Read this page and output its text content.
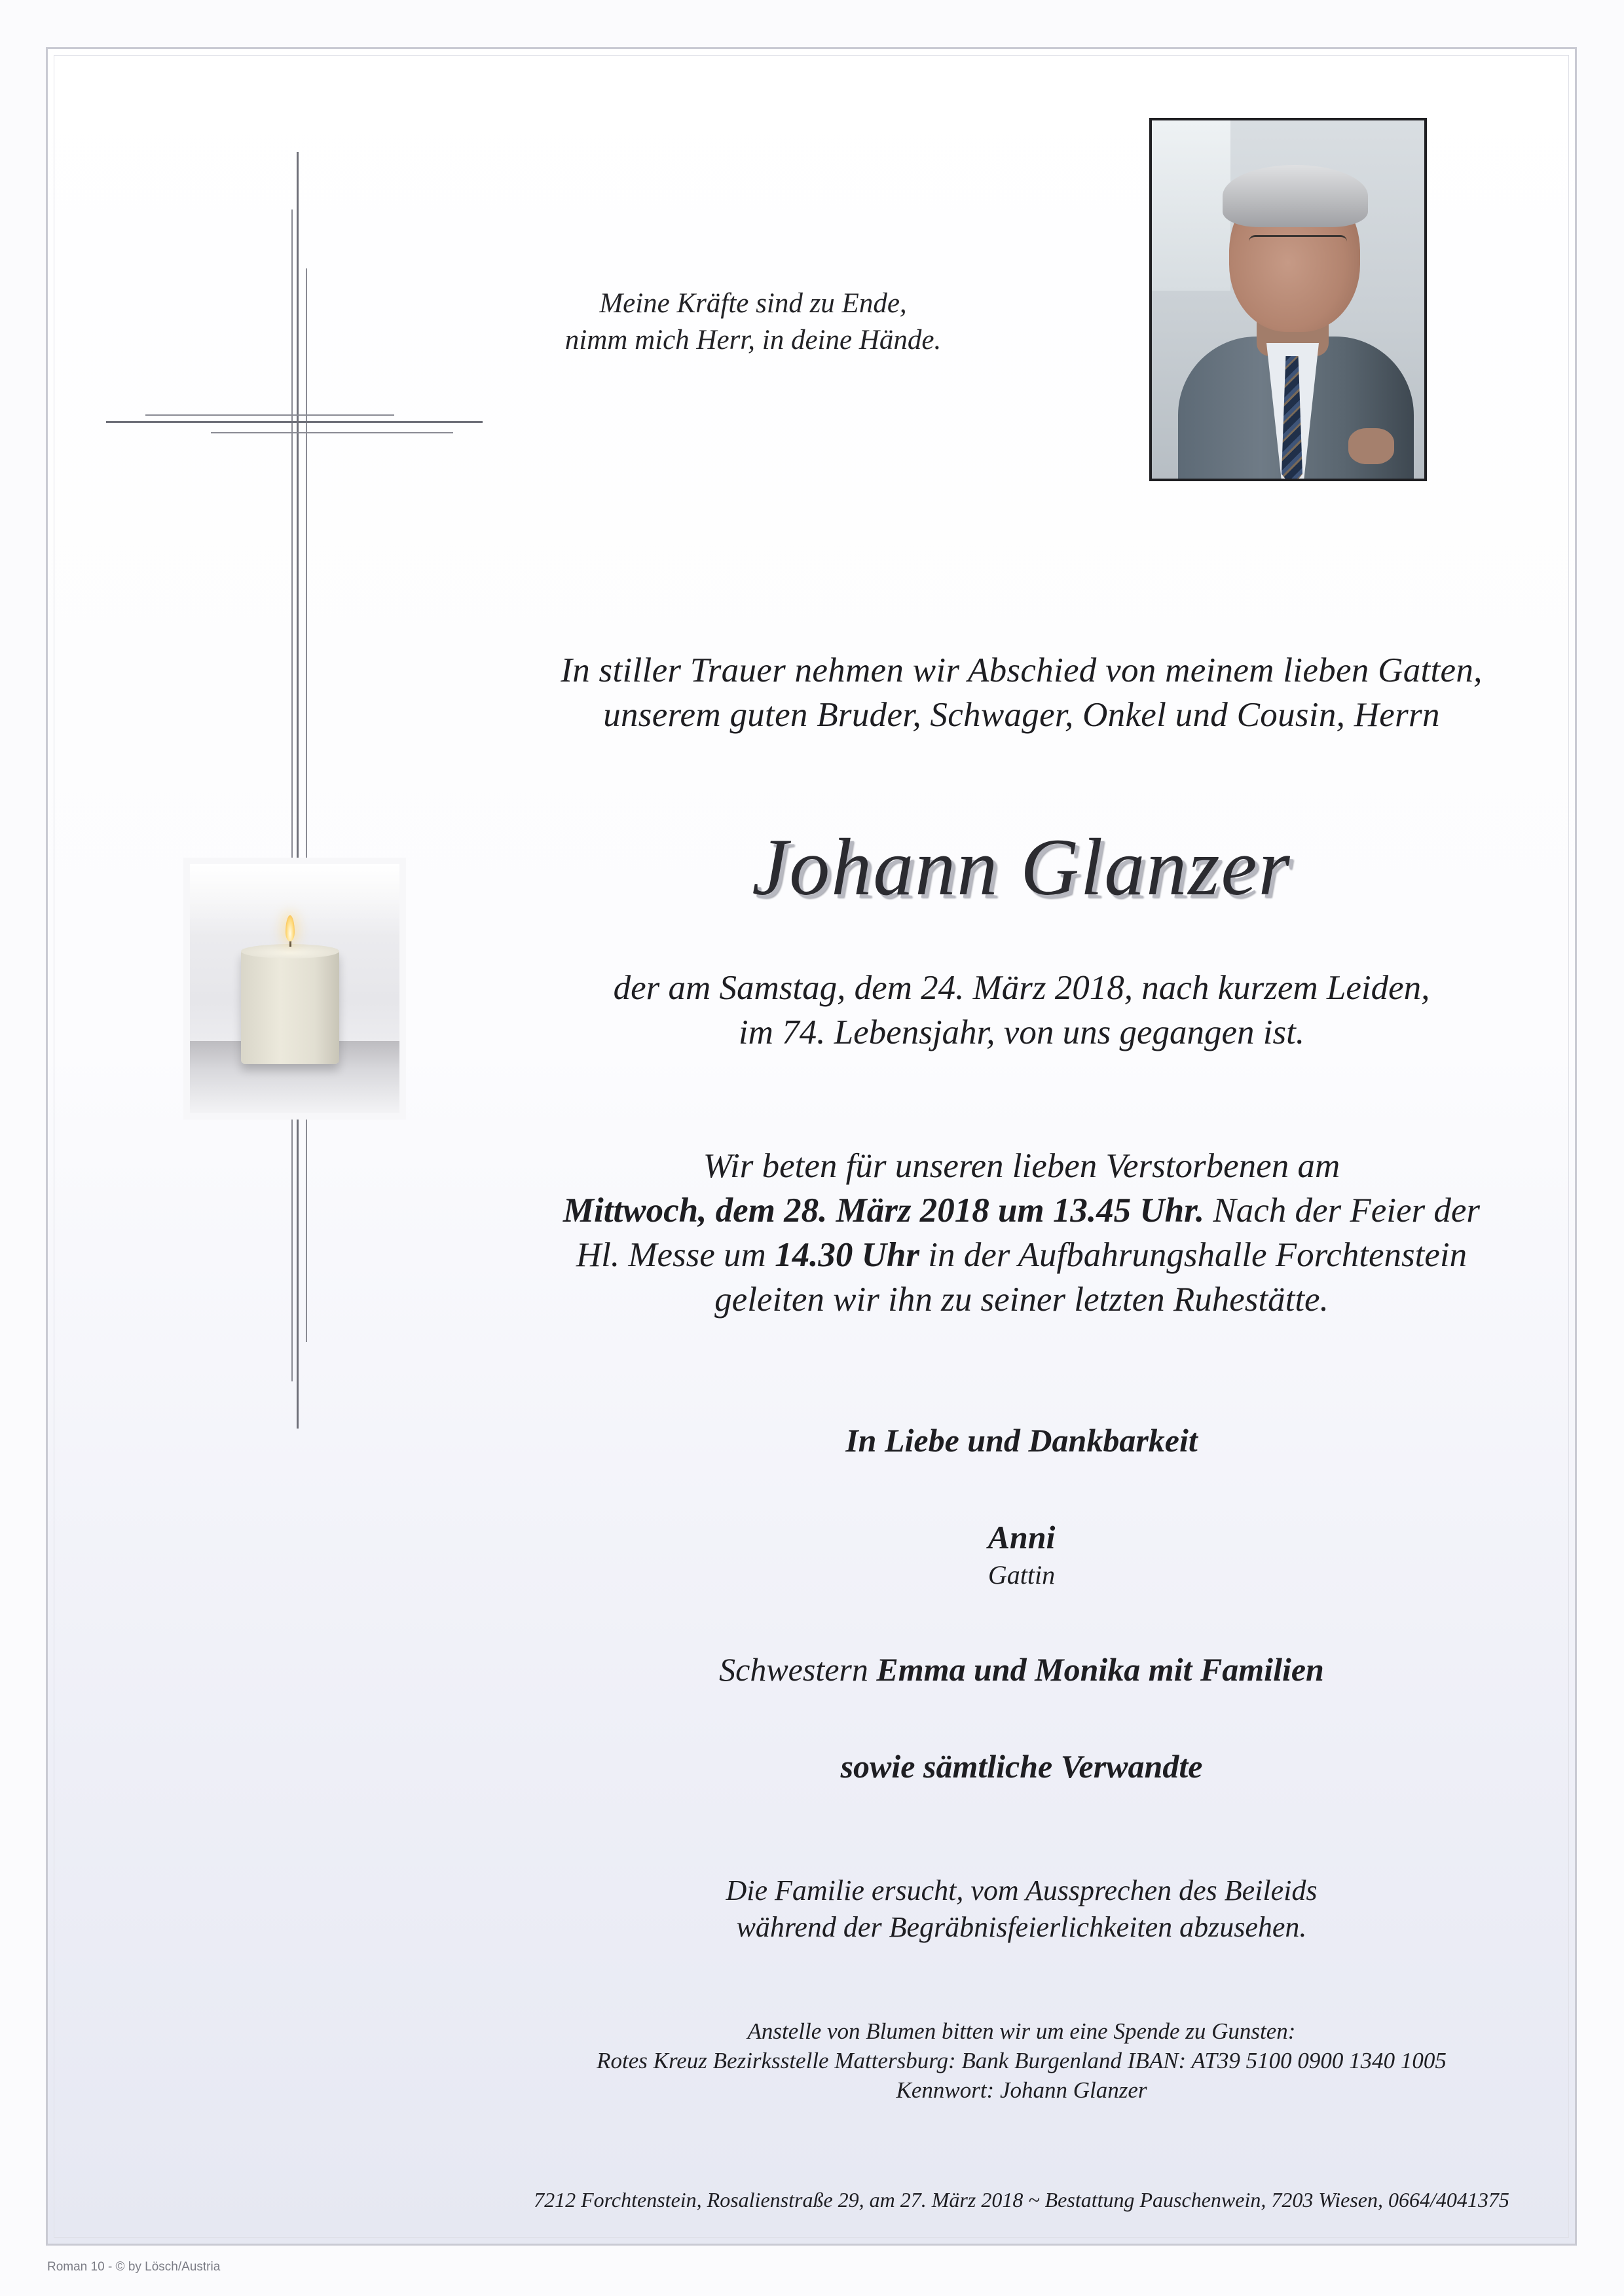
Meine Kräfte sind zu Ende,
nimm mich Herr, in deine Hände.

In stiller Trauer nehmen wir Abschied von meinem lieben Gatten,
unserem guten Bruder, Schwager, Onkel und Cousin, Herrn

Johann Glanzer

der am Samstag, dem 24. März 2018, nach kurzem Leiden,
im 74. Lebensjahr, von uns gegangen ist.

Wir beten für unseren lieben Verstorbenen am
Mittwoch, dem 28. März 2018 um 13.45 Uhr. Nach der Feier der
Hl. Messe um 14.30 Uhr in der Aufbahrungshalle Forchtenstein
geleiten wir ihn zu seiner letzten Ruhestätte.

In Liebe und Dankbarkeit

Anni

Gattin

Schwestern Emma und Monika mit Familien

sowie sämtliche Verwandte

Die Familie ersucht, vom Aussprechen des Beileids
während der Begräbnisfeierlichkeiten abzusehen.

Anstelle von Blumen bitten wir um eine Spende zu Gunsten:
Rotes Kreuz Bezirksstelle Mattersburg: Bank Burgenland IBAN: AT39 5100 0900 1340 1005
Kennwort: Johann Glanzer

7212 Forchtenstein, Rosalienstraße 29, am 27. März 2018 ~ Bestattung Pauschenwein, 7203 Wiesen, 0664/4041375

Roman 10 - © by Lösch/Austria
